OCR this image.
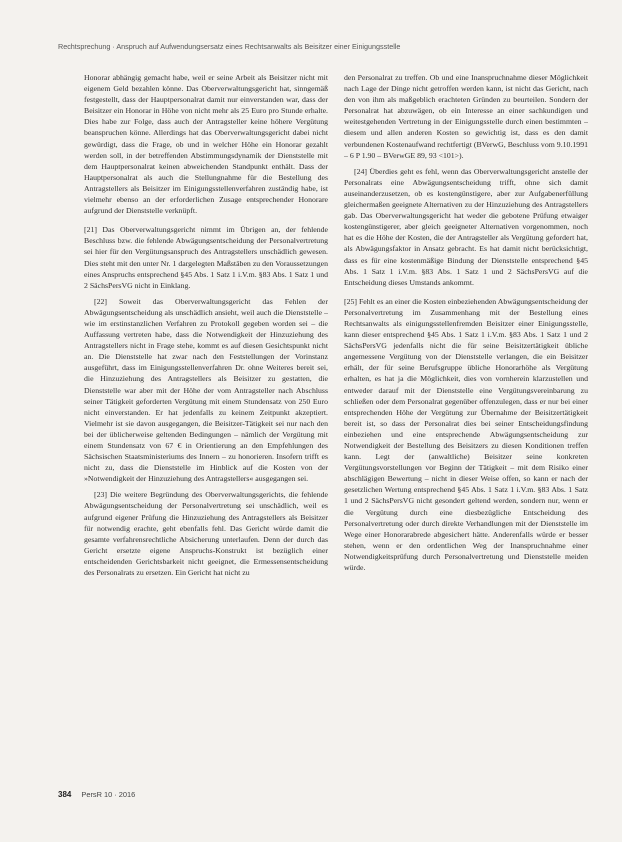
Rechtsprechung · Anspruch auf Aufwendungsersatz eines Rechtsanwalts als Beisitzer einer Einigungsstelle

Honorar abhängig gemacht habe, weil er seine Arbeit als Beisitzer nicht mit eigenem Geld bezahlen könne. Das Oberverwaltungsgericht hat, sinngemäß festgestellt, dass der Hauptpersonalrat damit nur einverstanden war, dass der Beisitzer ein Honorar in Höhe von nicht mehr als 25 Euro pro Stunde erhalte. Dies habe zur Folge, dass auch der Antragsteller keine höhere Vergütung beanspruchen könne. Allerdings hat das Oberverwaltungsgericht dabei nicht gewürdigt, dass die Frage, ob und in welcher Höhe ein Honorar gezahlt werden soll, in der betreffenden Abstimmungsdynamik der Dienststelle mit dem Hauptpersonalrat keinen abweichenden Standpunkt enthält. Dass der Hauptpersonalrat als auch die Stellungnahme für die Bestellung des Antragstellers als Beisitzer im Einigungsstellenverfahren zuständig habe, ist vielmehr ebenso an der erforderlichen Zusage entsprechender Honorare aufgrund der Dienststelle verknüpft.

[21] Das Oberverwaltungsgericht nimmt im Übrigen an, der fehlende Beschluss bzw. die fehlende Abwägungsentscheidung der Personalvertretung sei hier für den Vergütungsanspruch des Antragstellers unschädlich gewesen. Dies steht mit den unter Nr. 1 dargelegten Maßstäben zu den Voraussetzungen eines Anspruchs entsprechend §45 Abs. 1 Satz 1 i.V.m. §83 Abs. 1 Satz 1 und 2 SächsPersVG nicht in Einklang.

[22] Soweit das Oberverwaltungsgericht das Fehlen der Abwägungsentscheidung als unschädlich ansieht, weil auch die Dienststelle – wie im erstinstanzlichen Verfahren zu Protokoll gegeben worden sei – die Auffassung vertreten habe, dass die Notwendigkeit der Hinzuziehung des Antragstellers nicht in Frage stehe, kommt es auf diesen Gesichtspunkt nicht an. Die Dienststelle hat zwar nach den Feststellungen der Vorinstanz ausgeführt, dass im Einigungsstellenverfahren Dr. ohne Weiteres bereit sei, die Hinzuziehung des Antragstellers als Beisitzer zu gestatten, die Dienststelle war aber mit der Höhe der vom Antragsteller nach Abschluss seiner Tätigkeit geforderten Vergütung mit einem Stundensatz von 250 Euro nicht einverstanden. Er hat jedenfalls zu keinem Zeitpunkt akzeptiert. Vielmehr ist sie davon ausgegangen, die Beisitzer-Tätigkeit sei nur nach den bei der üblicherweise geltenden Bedingungen – nämlich der Vergütung mit einem Stundensatz von 67 € in Orientierung an den Empfehlungen des Sächsischen Staatsministeriums des Innern – zu honorieren. Insofern trifft es nicht zu, dass die Dienststelle im Hinblick auf die Kosten von der »Notwendigkeit der Hinzuziehung des Antragstellers« ausgegangen sei.

[23] Die weitere Begründung des Oberverwaltungsgerichts, die fehlende Abwägungsentscheidung der Personalvertretung sei unschädlich, weil es aufgrund eigener Prüfung die Hinzuziehung des Antragstellers als Beisitzer für notwendig erachte, geht ebenfalls fehl. Das Gericht würde damit die gesamte verfahrensrechtliche Absicherung unterlaufen. Denn der durch das Gericht ersetzte eigene Anspruchs-Konstrukt ist bezüglich einer entscheidenden Gerichtsbarkeit nicht geeignet, die Ermessensentscheidung des Personalrats zu ersetzen. Ein Gericht hat nicht zu

den Personalrat zu treffen. Ob und eine Inanspruchnahme dieser Möglichkeit nach Lage der Dinge nicht getroffen werden kann, ist nicht das Gericht, nach den von ihm als maßgeblich erachteten Gründen zu beurteilen. Sondern der Personalrat hat abzuwägen, ob ein Interesse an einer sachkundigen und weitestgehenden Vertretung in der Einigungsstelle durch einen bestimmten – diesem und allen anderen Kosten so gewichtig ist, dass es den damit verbundenen Kostenaufwand rechtfertigt (BVerwG, Beschluss vom 9.10.1991 – 6 P 1.90 – BVerwGE 89, 93 <101>).

[24] Überdies geht es fehl, wenn das Oberverwaltungsgericht anstelle der Personalrats eine Abwägungsentscheidung trifft, ohne sich damit auseinanderzusetzen, ob es kostengünstigere, aber zur Aufgabenerfüllung gleichermaßen geeignete Alternativen zu der Hinzuziehung des Antragstellers gab. Das Oberverwaltungsgericht hat weder die gebotene Prüfung etwaiger kostengünstigerer, aber gleich geeigneter Alternativen vorgenommen, noch hat es die Höhe der Kosten, die der Antragsteller als Vergütung gefordert hat, als Abwägungsfaktor in Ansatz gebracht. Es hat damit nicht berücksichtigt, dass es für eine kostenmäßige Bindung der Dienststelle entsprechend §45 Abs. 1 Satz 1 i.V.m. §83 Abs. 1 Satz 1 und 2 SächsPersVG auf die Entscheidung dieses Umstands ankommt.

[25] Fehlt es an einer die Kosten einbeziehenden Abwägungsentscheidung der Personalvertretung im Zusammenhang mit der Bestellung eines Rechtsanwalts als einigungsstellenfremden Beisitzer einer Einigungsstelle, kann dieser entsprechend §45 Abs. 1 Satz 1 i.V.m. §83 Abs. 1 Satz 1 und 2 SächsPersVG jedenfalls nicht die für seine Beisitzertätigkeit übliche angemessene Vergütung von der Dienststelle verlangen, die ein Beisitzer erhält, der für seine Berufsgruppe übliche Honorarhöhe als Vergütung erhalten, es hat ja die Möglichkeit, dies von vornherein klarzustellen und entweder darauf mit der Dienststelle eine Vergütungsvereinbarung zu schließen oder dem Personalrat gegenüber offenzulegen, dass er nur bei einer entsprechenden Höhe der Vergütung zur Übernahme der Beisitzertätigkeit bereit ist, so dass der Personalrat dies bei seiner Entscheidungsfindung einbeziehen und eine entsprechende Abwägungsentscheidung zur Notwendigkeit der Bestellung des Beisitzers zu diesen Konditionen treffen kann. Legt der (anwaltliche) Beisitzer seine konkreten Vergütungsvorstellungen vor Beginn der Tätigkeit – mit dem Risiko einer abschlägigen Bewertung – nicht in dieser Weise offen, so kann er nach der gesetzlichen Wertung entsprechend §45 Abs. 1 Satz 1 i.V.m. §83 Abs. 1 Satz 1 und 2 SächsPersVG nicht gesondert geltend werden, sondern nur, wenn er die Vergütung durch eine diesbezügliche Entscheidung des Personalvertretung oder durch direkte Verhandlungen mit der Dienststelle im Wege einer Honorarabrede abgesichert hätte. Anderenfalls würde er besser stehen, wenn er den ordentlichen Weg der Inanspruchnahme einer Notwendigkeitsprüfung durch Personalvertretung und Dienststelle meiden würde.

384 PersR 10 · 2016
